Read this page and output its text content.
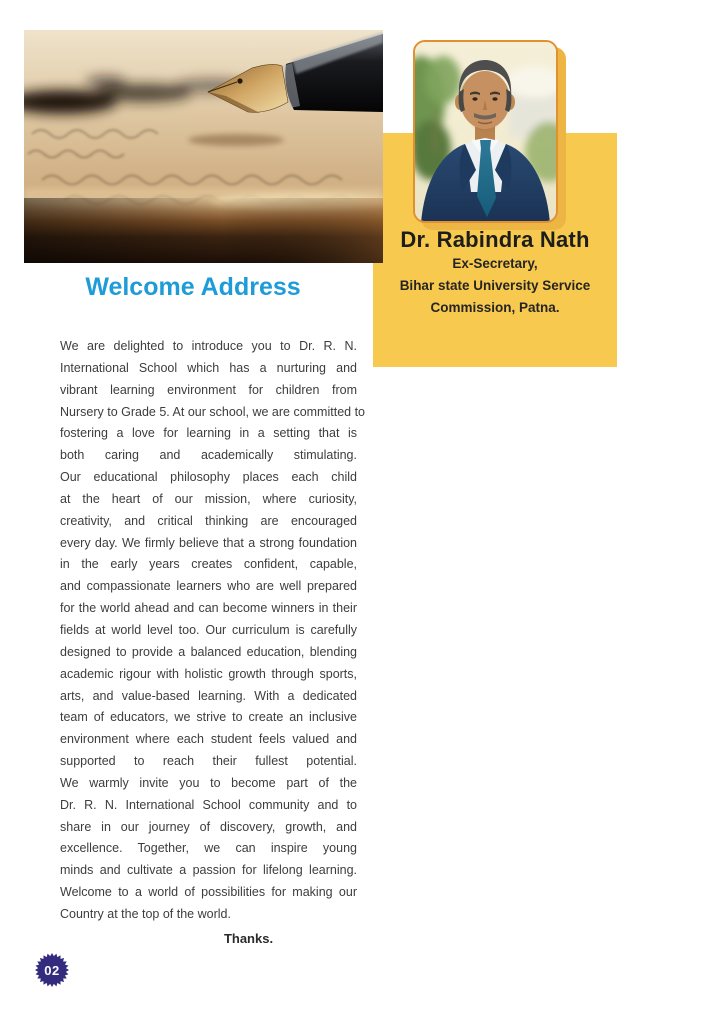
Dr. Rabindra Nath
Ex-Secretary,
Bihar state University Service
Commission, Patna.
Welcome Address
We are delighted to introduce you to Dr. R. N.
International School which has a nurturing and
vibrant learning environment for children from
Nursery to Grade 5. At our school, we are committed to
fostering a love for learning in a setting that is
both caring and academically stimulating.
Our educational philosophy places each child
at the heart of our mission, where curiosity,
creativity, and critical thinking are encouraged
every day. We firmly believe that a strong foundation
in the early years creates confident, capable,
and compassionate learners who are well prepared
for the world ahead and can become winners in their
fields at world level too. Our curriculum is carefully
designed to provide a balanced education, blending
academic rigour with holistic growth through sports,
arts, and value-based learning. With a dedicated
team of educators, we strive to create an inclusive
environment where each student feels valued and
supported to reach their fullest potential.
We warmly invite you to become part of the
Dr. R. N. International School community and to
share in our journey of discovery, growth, and
excellence. Together, we can inspire young
minds and cultivate a passion for lifelong learning.
Welcome to a world of possibilities for making our
Country at the top of the world.
Thanks.
02
